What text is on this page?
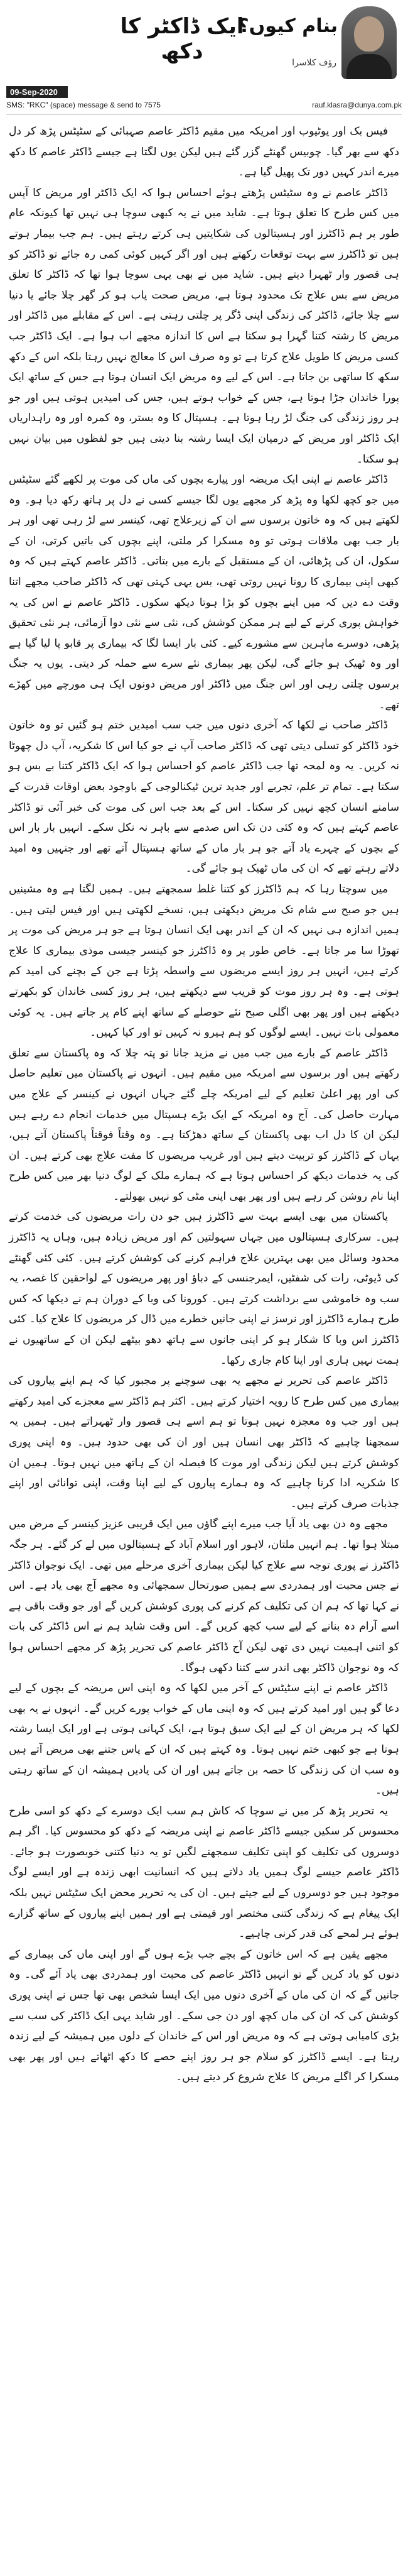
ایک ڈاکٹر کا دکھ
بنام کیوں؟
رؤف کلاسرا
09-Sep-2020
SMS: "RKC" (space) message & send to 7575	rauf.klasra@dunya.com.pk

فیس بک اور یوٹیوب اور امریکہ میں مقیم ڈاکٹر عاصم صہبائی کے سٹیٹس پڑھ کر دل دکھ سے بھر گیا۔ چوبیس گھنٹے گزر گئے ہیں لیکن یوں لگتا ہے جیسے ڈاکٹر عاصم کا دکھ میرے اندر کہیں دور تک پھیل گیا ہے۔

ڈاکٹر عاصم نے وہ سٹیٹس پڑھتے ہوئے احساس ہوا کہ ایک ڈاکٹر اور مریض کا آپس میں کس طرح کا تعلق ہوتا ہے۔ شاید میں نے یہ کبھی سوچا ہی نہیں تھا کیونکہ عام طور پر ہم ڈاکٹرز اور ہسپتالوں کی شکایتیں ہی کرتے رہتے ہیں۔ ہم جب بیمار ہوتے ہیں تو ڈاکٹرز سے بہت توقعات رکھتے ہیں اور اگر کہیں کوئی کمی رہ جائے تو ڈاکٹر کو ہی قصور وار ٹھہرا دیتے ہیں۔ شاید میں نے بھی یہی سوچا ہوا تھا کہ ڈاکٹر کا تعلق مریض سے بس علاج تک محدود ہوتا ہے، مریض صحت یاب ہو کر گھر چلا جائے یا دنیا سے چلا جائے، ڈاکٹر کی زندگی اپنی ڈگر پر چلتی رہتی ہے۔ اس کے مقابلے میں ڈاکٹر اور مریض کا رشتہ کتنا گہرا ہو سکتا ہے اس کا اندازہ مجھے اب ہوا ہے۔ ایک ڈاکٹر جب کسی مریض کا طویل علاج کرتا ہے تو وہ صرف اس کا معالج نہیں رہتا بلکہ اس کے دکھ سکھ کا ساتھی بن جاتا ہے۔ اس کے لیے وہ مریض ایک انسان ہوتا ہے جس کے ساتھ ایک پورا خاندان جڑا ہوتا ہے، جس کے خواب ہوتے ہیں، جس کی امیدیں ہوتی ہیں اور جو ہر روز زندگی کی جنگ لڑ رہا ہوتا ہے۔ ہسپتال کا وہ بستر، وہ کمرہ اور وہ راہداریاں ایک ڈاکٹر اور مریض کے درمیان ایک ایسا رشتہ بنا دیتی ہیں جو لفظوں میں بیان نہیں ہو سکتا۔

ڈاکٹر عاصم نے اپنی ایک مریضہ اور پیارے بچوں کی ماں کی موت پر لکھے گئے سٹیٹس میں جو کچھ لکھا وہ پڑھ کر مجھے یوں لگا جیسے کسی نے دل پر ہاتھ رکھ دیا ہو۔ وہ لکھتے ہیں کہ وہ خاتون برسوں سے ان کے زیرعلاج تھی، کینسر سے لڑ رہی تھی اور ہر بار جب بھی ملاقات ہوتی تو وہ مسکرا کر ملتی، اپنے بچوں کی باتیں کرتی، ان کے سکول، ان کی پڑھائی، ان کے مستقبل کے بارے میں بتاتی۔ ڈاکٹر عاصم کہتے ہیں کہ وہ کبھی اپنی بیماری کا رونا نہیں روتی تھی، بس یہی کہتی تھی کہ ڈاکٹر صاحب مجھے اتنا وقت دے دیں کہ میں اپنے بچوں کو بڑا ہوتا دیکھ سکوں۔ ڈاکٹر عاصم نے اس کی یہ خواہش پوری کرنے کے لیے ہر ممکن کوشش کی، نئی سے نئی دوا آزمائی، ہر نئی تحقیق پڑھی، دوسرے ماہرین سے مشورے کیے۔ کئی بار ایسا لگا کہ بیماری پر قابو پا لیا گیا ہے اور وہ ٹھیک ہو جائے گی، لیکن پھر بیماری نئے سرے سے حملہ کر دیتی۔ یوں یہ جنگ برسوں چلتی رہی اور اس جنگ میں ڈاکٹر اور مریض دونوں ایک ہی مورچے میں کھڑے تھے۔

ڈاکٹر صاحب نے لکھا کہ آخری دنوں میں جب سب امیدیں ختم ہو گئیں تو وہ خاتون خود ڈاکٹر کو تسلی دیتی تھی کہ ڈاکٹر صاحب آپ نے جو کیا اس کا شکریہ، آپ دل چھوٹا نہ کریں۔ یہ وہ لمحہ تھا جب ڈاکٹر عاصم کو احساس ہوا کہ ایک ڈاکٹر کتنا بے بس ہو سکتا ہے۔ تمام تر علم، تجربے اور جدید ترین ٹیکنالوجی کے باوجود بعض اوقات قدرت کے سامنے انسان کچھ نہیں کر سکتا۔ اس کے بعد جب اس کی موت کی خبر آئی تو ڈاکٹر عاصم کہتے ہیں کہ وہ کئی دن تک اس صدمے سے باہر نہ نکل سکے۔ انہیں بار بار اس کے بچوں کے چہرے یاد آتے جو ہر بار ماں کے ساتھ ہسپتال آتے تھے اور جنہیں وہ امید دلاتے رہتے تھے کہ ان کی ماں ٹھیک ہو جائے گی۔

میں سوچتا رہا کہ ہم ڈاکٹرز کو کتنا غلط سمجھتے ہیں۔ ہمیں لگتا ہے وہ مشینیں ہیں جو صبح سے شام تک مریض دیکھتی ہیں، نسخے لکھتی ہیں اور فیس لیتی ہیں۔ ہمیں اندازہ ہی نہیں کہ ان کے اندر بھی ایک انسان ہوتا ہے جو ہر مریض کی موت پر تھوڑا سا مر جاتا ہے۔ خاص طور پر وہ ڈاکٹرز جو کینسر جیسی موذی بیماری کا علاج کرتے ہیں، انہیں ہر روز ایسے مریضوں سے واسطہ پڑتا ہے جن کے بچنے کی امید کم ہوتی ہے۔ وہ ہر روز موت کو قریب سے دیکھتے ہیں، ہر روز کسی خاندان کو بکھرتے دیکھتے ہیں اور پھر بھی اگلی صبح نئے حوصلے کے ساتھ اپنے کام پر جاتے ہیں۔ یہ کوئی معمولی بات نہیں۔ ایسے لوگوں کو ہم ہیرو نہ کہیں تو اور کیا کہیں۔

ڈاکٹر عاصم کے بارے میں جب میں نے مزید جانا تو پتہ چلا کہ وہ پاکستان سے تعلق رکھتے ہیں اور برسوں سے امریکہ میں مقیم ہیں۔ انہوں نے پاکستان میں تعلیم حاصل کی اور پھر اعلیٰ تعلیم کے لیے امریکہ چلے گئے جہاں انہوں نے کینسر کے علاج میں مہارت حاصل کی۔ آج وہ امریکہ کے ایک بڑے ہسپتال میں خدمات انجام دے رہے ہیں لیکن ان کا دل اب بھی پاکستان کے ساتھ دھڑکتا ہے۔ وہ وقتاً فوقتاً پاکستان آتے ہیں، یہاں کے ڈاکٹرز کو تربیت دیتے ہیں اور غریب مریضوں کا مفت علاج بھی کرتے ہیں۔ ان کی یہ خدمات دیکھ کر احساس ہوتا ہے کہ ہمارے ملک کے لوگ دنیا بھر میں کس طرح اپنا نام روشن کر رہے ہیں اور پھر بھی اپنی مٹی کو نہیں بھولتے۔

پاکستان میں بھی ایسے بہت سے ڈاکٹرز ہیں جو دن رات مریضوں کی خدمت کرتے ہیں۔ سرکاری ہسپتالوں میں جہاں سہولتیں کم اور مریض زیادہ ہیں، وہاں یہ ڈاکٹرز محدود وسائل میں بھی بہترین علاج فراہم کرنے کی کوشش کرتے ہیں۔ کئی کئی گھنٹے کی ڈیوٹی، رات کی شفٹیں، ایمرجنسی کے دباؤ اور پھر مریضوں کے لواحقین کا غصہ، یہ سب وہ خاموشی سے برداشت کرتے ہیں۔ کورونا کی وبا کے دوران ہم نے دیکھا کہ کس طرح ہمارے ڈاکٹرز اور نرسز نے اپنی جانیں خطرے میں ڈال کر مریضوں کا علاج کیا۔ کئی ڈاکٹرز اس وبا کا شکار ہو کر اپنی جانوں سے ہاتھ دھو بیٹھے لیکن ان کے ساتھیوں نے ہمت نہیں ہاری اور اپنا کام جاری رکھا۔

ڈاکٹر عاصم کی تحریر نے مجھے یہ بھی سوچنے پر مجبور کیا کہ ہم اپنے پیاروں کی بیماری میں کس طرح کا رویہ اختیار کرتے ہیں۔ اکثر ہم ڈاکٹر سے معجزے کی امید رکھتے ہیں اور جب وہ معجزہ نہیں ہوتا تو ہم اسے ہی قصور وار ٹھہراتے ہیں۔ ہمیں یہ سمجھنا چاہیے کہ ڈاکٹر بھی انسان ہیں اور ان کی بھی حدود ہیں۔ وہ اپنی پوری کوشش کرتے ہیں لیکن زندگی اور موت کا فیصلہ ان کے ہاتھ میں نہیں ہوتا۔ ہمیں ان کا شکریہ ادا کرنا چاہیے کہ وہ ہمارے پیاروں کے لیے اپنا وقت، اپنی توانائی اور اپنے جذبات صرف کرتے ہیں۔

مجھے وہ دن بھی یاد آیا جب میرے اپنے گاؤں میں ایک قریبی عزیز کینسر کے مرض میں مبتلا ہوا تھا۔ ہم انہیں ملتان، لاہور اور اسلام آباد کے ہسپتالوں میں لے کر گئے۔ ہر جگہ ڈاکٹرز نے پوری توجہ سے علاج کیا لیکن بیماری آخری مرحلے میں تھی۔ ایک نوجوان ڈاکٹر نے جس محبت اور ہمدردی سے ہمیں صورتحال سمجھائی وہ مجھے آج بھی یاد ہے۔ اس نے کہا تھا کہ ہم ان کی تکلیف کم کرنے کی پوری کوشش کریں گے اور جو وقت باقی ہے اسے آرام دہ بنانے کے لیے سب کچھ کریں گے۔ اس وقت شاید ہم نے اس ڈاکٹر کی بات کو اتنی اہمیت نہیں دی تھی لیکن آج ڈاکٹر عاصم کی تحریر پڑھ کر مجھے احساس ہوا کہ وہ نوجوان ڈاکٹر بھی اندر سے کتنا دکھی ہوگا۔

ڈاکٹر عاصم نے اپنے سٹیٹس کے آخر میں لکھا کہ وہ اپنی اس مریضہ کے بچوں کے لیے دعا گو ہیں اور امید کرتے ہیں کہ وہ اپنی ماں کے خواب پورے کریں گے۔ انہوں نے یہ بھی لکھا کہ ہر مریض ان کے لیے ایک سبق ہوتا ہے، ایک کہانی ہوتی ہے اور ایک ایسا رشتہ ہوتا ہے جو کبھی ختم نہیں ہوتا۔ وہ کہتے ہیں کہ ان کے پاس جتنے بھی مریض آتے ہیں وہ سب ان کی زندگی کا حصہ بن جاتے ہیں اور ان کی یادیں ہمیشہ ان کے ساتھ رہتی ہیں۔

یہ تحریر پڑھ کر میں نے سوچا کہ کاش ہم سب ایک دوسرے کے دکھ کو اسی طرح محسوس کر سکیں جیسے ڈاکٹر عاصم نے اپنی مریضہ کے دکھ کو محسوس کیا۔ اگر ہم دوسروں کی تکلیف کو اپنی تکلیف سمجھنے لگیں تو یہ دنیا کتنی خوبصورت ہو جائے۔ ڈاکٹر عاصم جیسے لوگ ہمیں یاد دلاتے ہیں کہ انسانیت ابھی زندہ ہے اور ایسے لوگ موجود ہیں جو دوسروں کے لیے جیتے ہیں۔ ان کی یہ تحریر محض ایک سٹیٹس نہیں بلکہ ایک پیغام ہے کہ زندگی کتنی مختصر اور قیمتی ہے اور ہمیں اپنے پیاروں کے ساتھ گزارے ہوئے ہر لمحے کی قدر کرنی چاہیے۔

مجھے یقین ہے کہ اس خاتون کے بچے جب بڑے ہوں گے اور اپنی ماں کی بیماری کے دنوں کو یاد کریں گے تو انہیں ڈاکٹر عاصم کی محبت اور ہمدردی بھی یاد آئے گی۔ وہ جانیں گے کہ ان کی ماں کے آخری دنوں میں ایک ایسا شخص بھی تھا جس نے اپنی پوری کوشش کی کہ ان کی ماں کچھ اور دن جی سکے۔ اور شاید یہی ایک ڈاکٹر کی سب سے بڑی کامیابی ہوتی ہے کہ وہ مریض اور اس کے خاندان کے دلوں میں ہمیشہ کے لیے زندہ رہتا ہے۔ ایسے ڈاکٹرز کو سلام جو ہر روز اپنے حصے کا دکھ اٹھاتے ہیں اور پھر بھی مسکرا کر اگلے مریض کا علاج شروع کر دیتے ہیں۔
